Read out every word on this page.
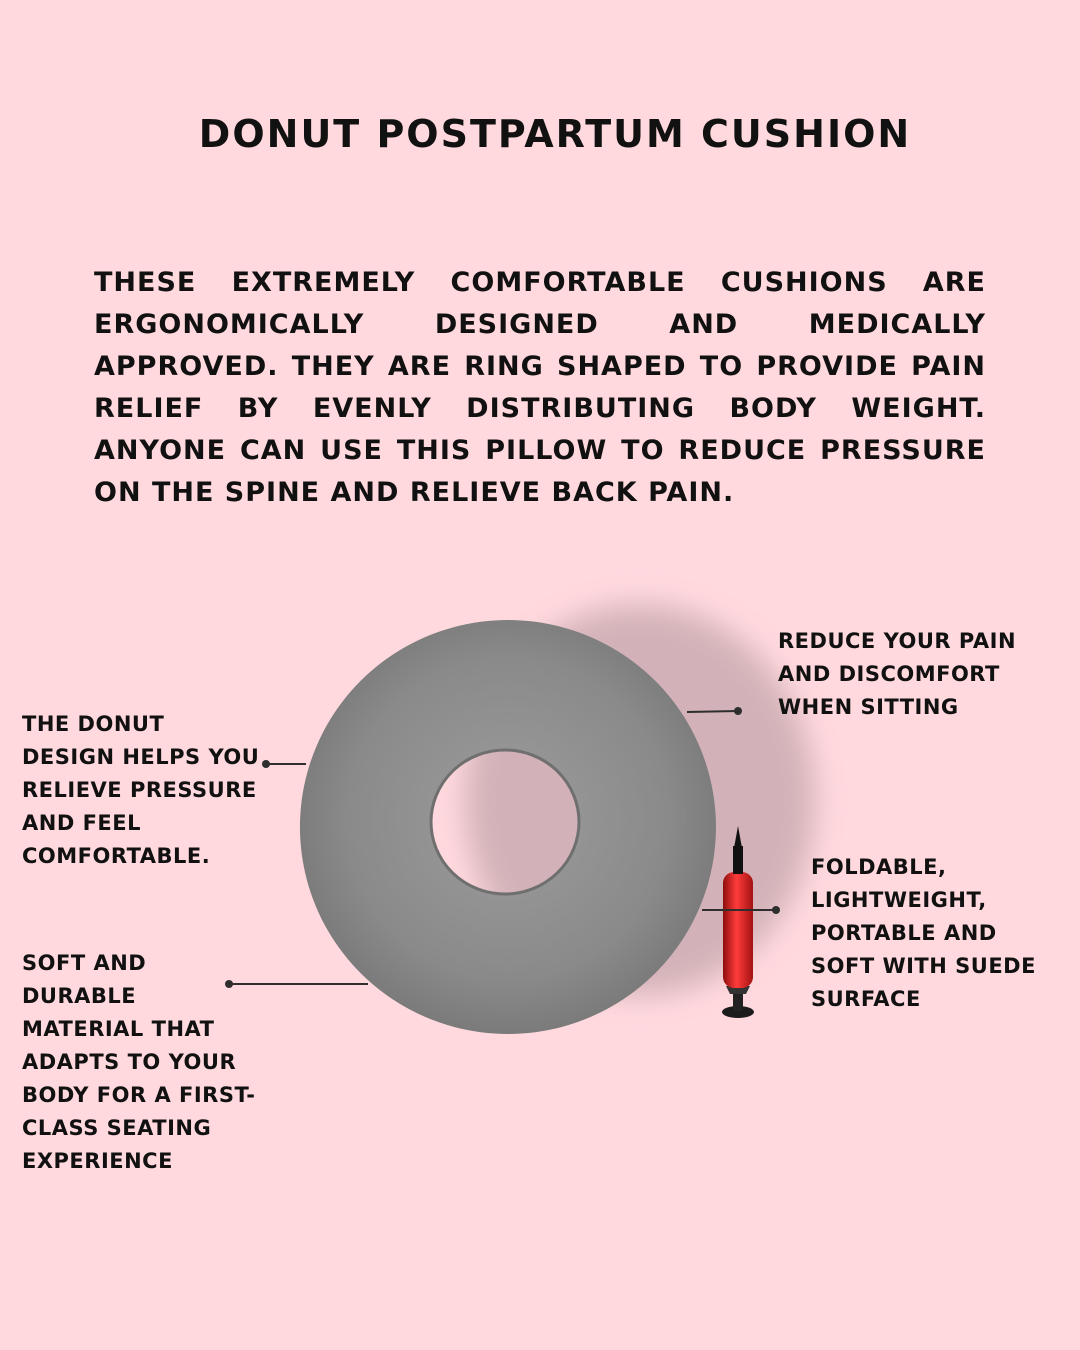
DONUT POSTPARTUM CUSHION

THESE EXTREMELY COMFORTABLE CUSHIONS ARE ERGONOMICALLY DESIGNED AND MEDICALLY APPROVED. THEY ARE RING SHAPED TO PROVIDE PAIN RELIEF BY EVENLY DISTRIBUTING BODY WEIGHT. ANYONE CAN USE THIS PILLOW TO REDUCE PRESSURE ON THE SPINE AND RELIEVE BACK PAIN.

THE DONUT DESIGN HELPS YOU RELIEVE PRESSURE AND FEEL COMFORTABLE.

SOFT AND DURABLE MATERIAL THAT ADAPTS TO YOUR BODY FOR A FIRST-CLASS SEATING EXPERIENCE

REDUCE YOUR PAIN AND DISCOMFORT WHEN SITTING

FOLDABLE, LIGHTWEIGHT, PORTABLE AND SOFT WITH SUEDE SURFACE
